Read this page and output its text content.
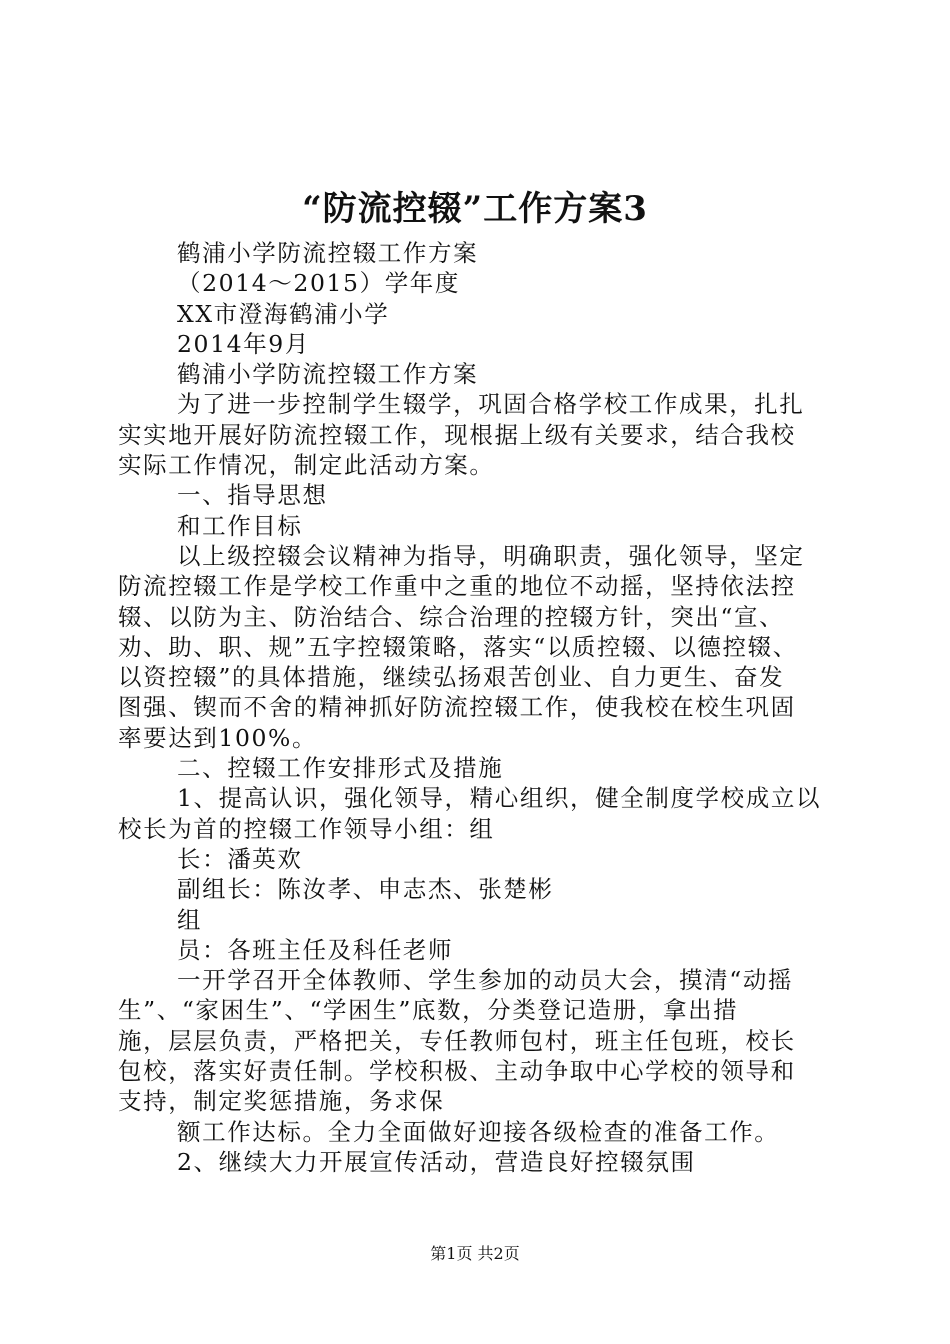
“防流控辍”工作方案3
鹤浦小学防流控辍工作方案
（2014～2015）学年度
XX市澄海鹤浦小学
2014年9月
鹤浦小学防流控辍工作方案
为了进一步控制学生辍学，巩固合格学校工作成果，扎扎
实实地开展好防流控辍工作，现根据上级有关要求，结合我校
实际工作情况，制定此活动方案。
一、指导思想
和工作目标
以上级控辍会议精神为指导，明确职责，强化领导，坚定
防流控辍工作是学校工作重中之重的地位不动摇，坚持依法控
辍、以防为主、防治结合、综合治理的控辍方针，突出“宣、
劝、助、职、规”五字控辍策略，落实“以质控辍、以德控辍、
以资控辍”的具体措施，继续弘扬艰苦创业、自力更生、奋发
图强、锲而不舍的精神抓好防流控辍工作，使我校在校生巩固
率要达到100%。
二、控辍工作安排形式及措施
1、提高认识，强化领导，精心组织，健全制度学校成立以
校长为首的控辍工作领导小组：组
长：潘英欢
副组长：陈汝孝、申志杰、张楚彬
组
员：各班主任及科任老师
一开学召开全体教师、学生参加的动员大会，摸清“动摇
生”、“家困生”、“学困生”底数，分类登记造册，拿出措
施，层层负责，严格把关，专任教师包村，班主任包班，校长
包校，落实好责任制。学校积极、主动争取中心学校的领导和
支持，制定奖惩措施，务求保
额工作达标。全力全面做好迎接各级检查的准备工作。
2、继续大力开展宣传活动，营造良好控辍氛围
第1页 共2页
